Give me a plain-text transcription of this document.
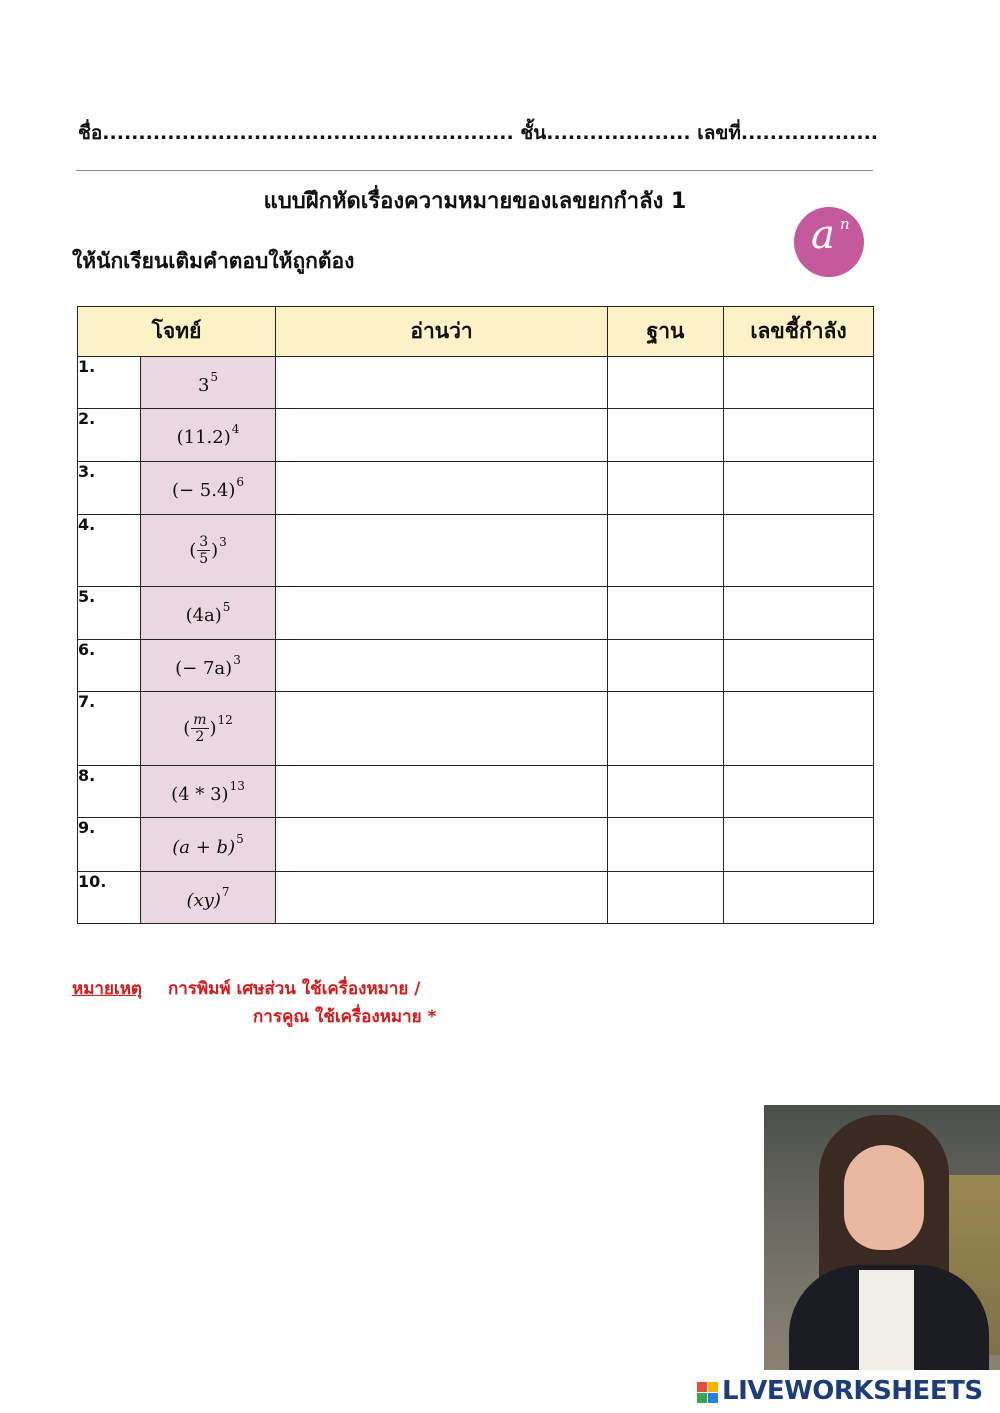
ชื่อ......................................................... ชั้น.................... เลขที่...................
แบบฝึกหัดเรื่องความหมายของเลขยกกำลัง 1
ให้นักเรียนเติมคำตอบให้ถูกต้อง
a n
โจทย์		อ่านว่า	ฐาน	เลขชี้กำลัง
1.	$3^5$			
2.	$(11.2)^4$			
3.	(− 5.4)$^6$			
4.	( $\frac{3}{5} )^3$			
5.	$(4a)^5$			
6.	(− 7a)$^3$			
7.	( $\frac{m}{2} )^{12}$			
8.	(4 * 3)$^{13}$			
9.	$(a + b)^5$			
10.	(xy)$^7$			
หมายเหตุ การพิมพ์ เศษส่วน ใช้เครื่องหมาย /
การคูณ ใช้เครื่องหมาย *
LIVEWORKSHEETS
